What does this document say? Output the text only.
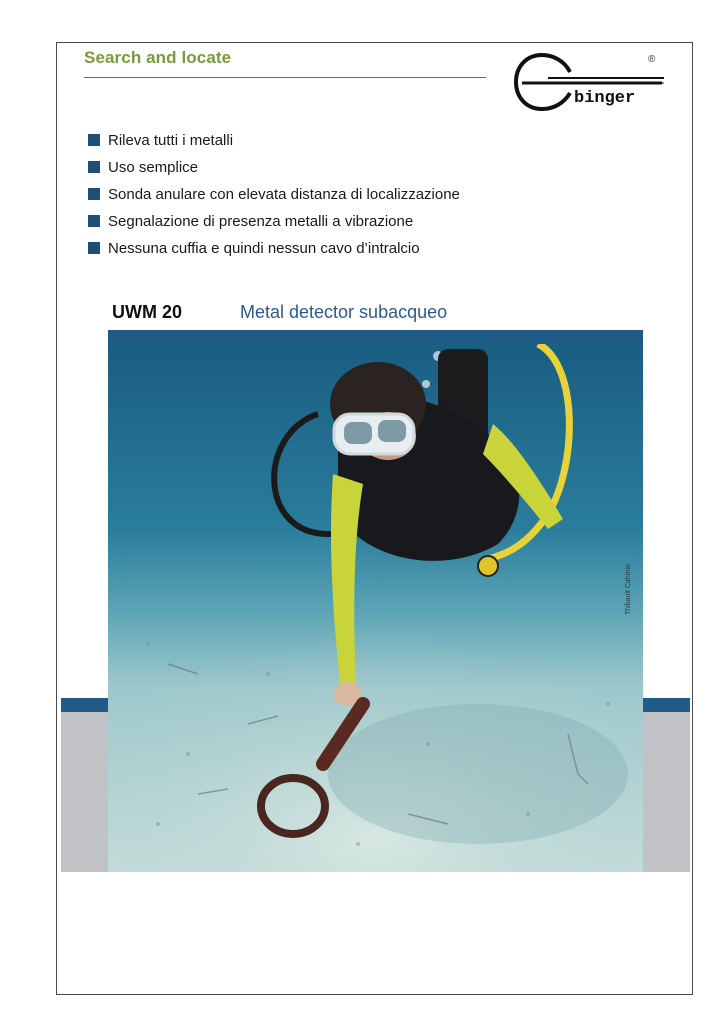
Search and locate
binger
®
Rileva tutti i metalli
Uso semplice
Sonda anulare con elevata distanza di localizzazione
Segnalazione di presenza metalli a vibrazione
Nessuna cuffia e quindi nessun cavo d’intralcio
UWM 20	Metal detector subacqueo
Thibault Cahmie
